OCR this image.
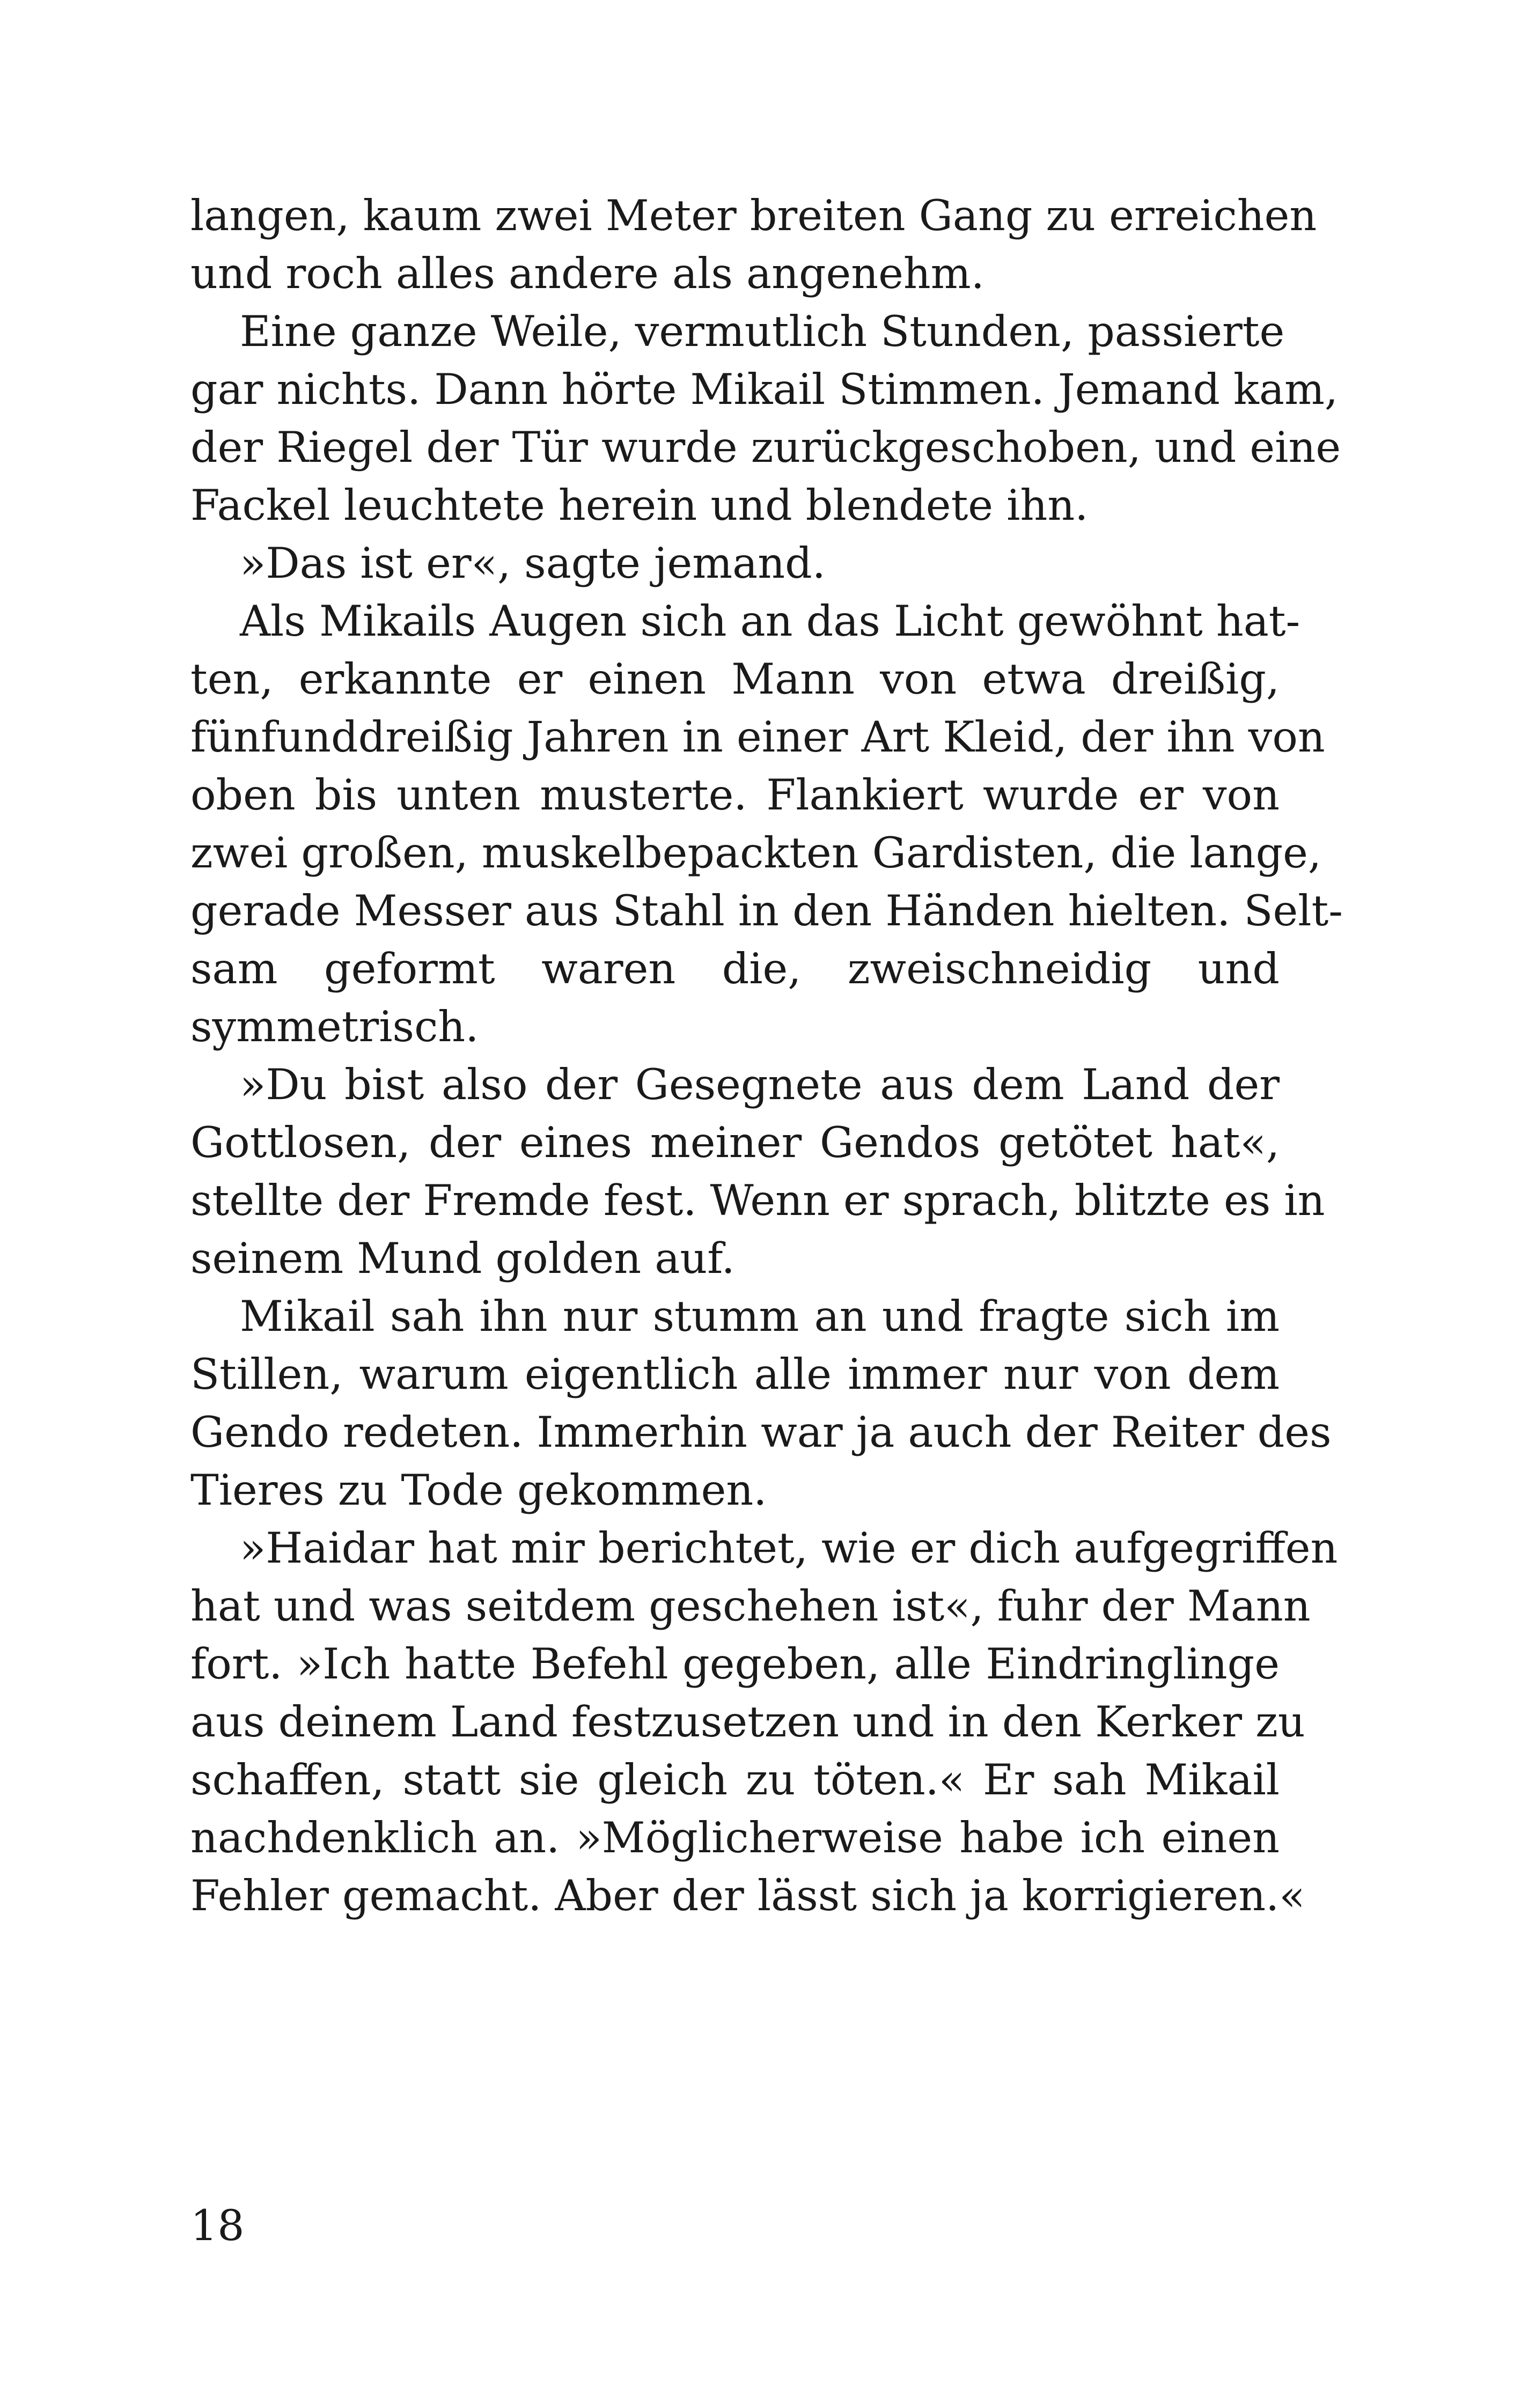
langen, kaum zwei Meter breiten Gang zu erreichen
und roch alles andere als angenehm.
Eine ganze Weile, vermutlich Stunden, passierte
gar nichts. Dann hörte Mikail Stimmen. Jemand kam,
der Riegel der Tür wurde zurückgeschoben, und eine
Fackel leuchtete herein und blendete ihn.
»Das ist er«, sagte jemand.
Als Mikails Augen sich an das Licht gewöhnt hat-
ten, erkannte er einen Mann von etwa dreißig,
fünfunddreißig Jahren in einer Art Kleid, der ihn von
oben bis unten musterte. Flankiert wurde er von
zwei großen, muskelbepackten Gardisten, die lange,
gerade Messer aus Stahl in den Händen hielten. Selt-
sam geformt waren die, zweischneidig und
symmetrisch.
»Du bist also der Gesegnete aus dem Land der
Gottlosen, der eines meiner Gendos getötet hat«,
stellte der Fremde fest. Wenn er sprach, blitzte es in
seinem Mund golden auf.
Mikail sah ihn nur stumm an und fragte sich im
Stillen, warum eigentlich alle immer nur von dem
Gendo redeten. Immerhin war ja auch der Reiter des
Tieres zu Tode gekommen.
»Haidar hat mir berichtet, wie er dich aufgegriffen
hat und was seitdem geschehen ist«, fuhr der Mann
fort. »Ich hatte Befehl gegeben, alle Eindringlinge
aus deinem Land festzusetzen und in den Kerker zu
schaffen, statt sie gleich zu töten.« Er sah Mikail
nachdenklich an. »Möglicherweise habe ich einen
Fehler gemacht. Aber der lässt sich ja korrigieren.«
18
